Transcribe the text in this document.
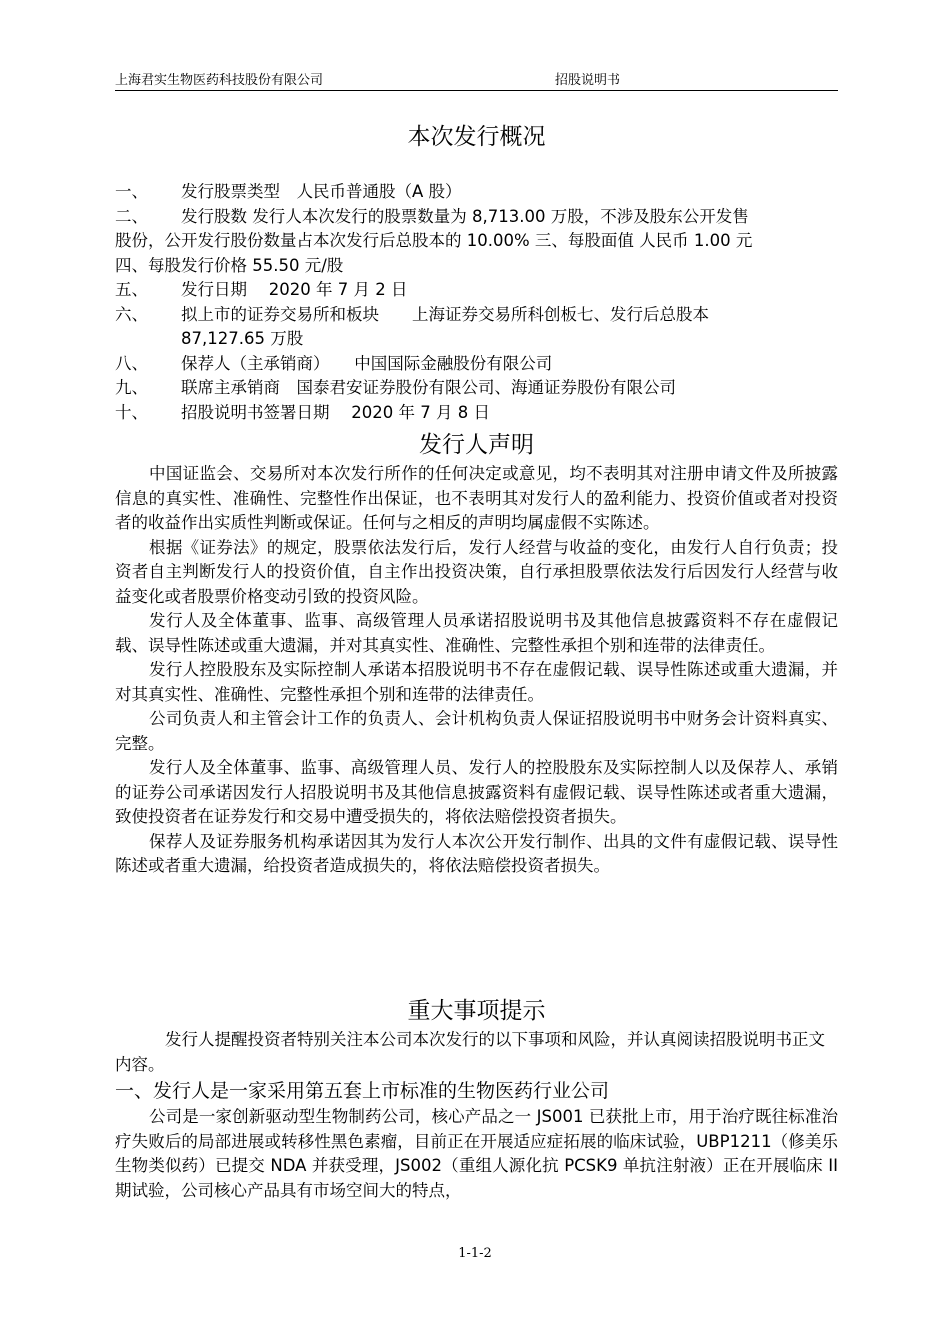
上海君实生物医药科技股份有限公司	招股说明书
本次发行概况
一、 发行股票类型　人民币普通股（A 股）
二、 发行股数 发行人本次发行的股票数量为 8,713.00 万股，不涉及股东公开发售
股份，公开发行股份数量占本次发行后总股本的 10.00% 三、每股面值 人民币 1.00 元
四、每股发行价格 55.50 元/股
五、 发行日期　 2020 年 7 月 2 日
六、 拟上市的证券交易所和板块　　上海证券交易所科创板七、发行后总股本
87,127.65 万股
八、 保荐人（主承销商）　　中国国际金融股份有限公司
九、 联席主承销商　国泰君安证券股份有限公司、海通证券股份有限公司
十、 招股说明书签署日期　 2020 年 7 月 8 日
发行人声明

中国证监会、交易所对本次发行所作的任何决定或意见，均不表明其对注册申请文件及所披露信息的真实性、准确性、完整性作出保证，也不表明其对发行人的盈利能力、投资价值或者对投资者的收益作出实质性判断或保证。任何与之相反的声明均属虚假不实陈述。

根据《证券法》的规定，股票依法发行后，发行人经营与收益的变化，由发行人自行负责；投资者自主判断发行人的投资价值，自主作出投资决策，自行承担股票依法发行后因发行人经营与收益变化或者股票价格变动引致的投资风险。

发行人及全体董事、监事、高级管理人员承诺招股说明书及其他信息披露资料不存在虚假记载、误导性陈述或重大遗漏，并对其真实性、准确性、完整性承担个别和连带的法律责任。

发行人控股股东及实际控制人承诺本招股说明书不存在虚假记载、误导性陈述或重大遗漏，并对其真实性、准确性、完整性承担个别和连带的法律责任。

公司负责人和主管会计工作的负责人、会计机构负责人保证招股说明书中财务会计资料真实、完整。

发行人及全体董事、监事、高级管理人员、发行人的控股股东及实际控制人以及保荐人、承销的证券公司承诺因发行人招股说明书及其他信息披露资料有虚假记载、误导性陈述或者重大遗漏，致使投资者在证券发行和交易中遭受损失的，将依法赔偿投资者损失。

保荐人及证券服务机构承诺因其为发行人本次公开发行制作、出具的文件有虚假记载、误导性陈述或者重大遗漏，给投资者造成损失的，将依法赔偿投资者损失。

重大事项提示

发行人提醒投资者特别关注本公司本次发行的以下事项和风险，并认真阅读招股说明书正文内容。

一、发行人是一家采用第五套上市标准的生物医药行业公司

公司是一家创新驱动型生物制药公司，核心产品之一 JS001 已获批上市，用于治疗既往标准治疗失败后的局部进展或转移性黑色素瘤，目前正在开展适应症拓展的临床试验，UBP1211（修美乐生物类似药）已提交 NDA 并获受理，JS002（重组人源化抗 PCSK9 单抗注射液）正在开展临床 II 期试验，公司核心产品具有市场空间大的特点，

1-1-2
